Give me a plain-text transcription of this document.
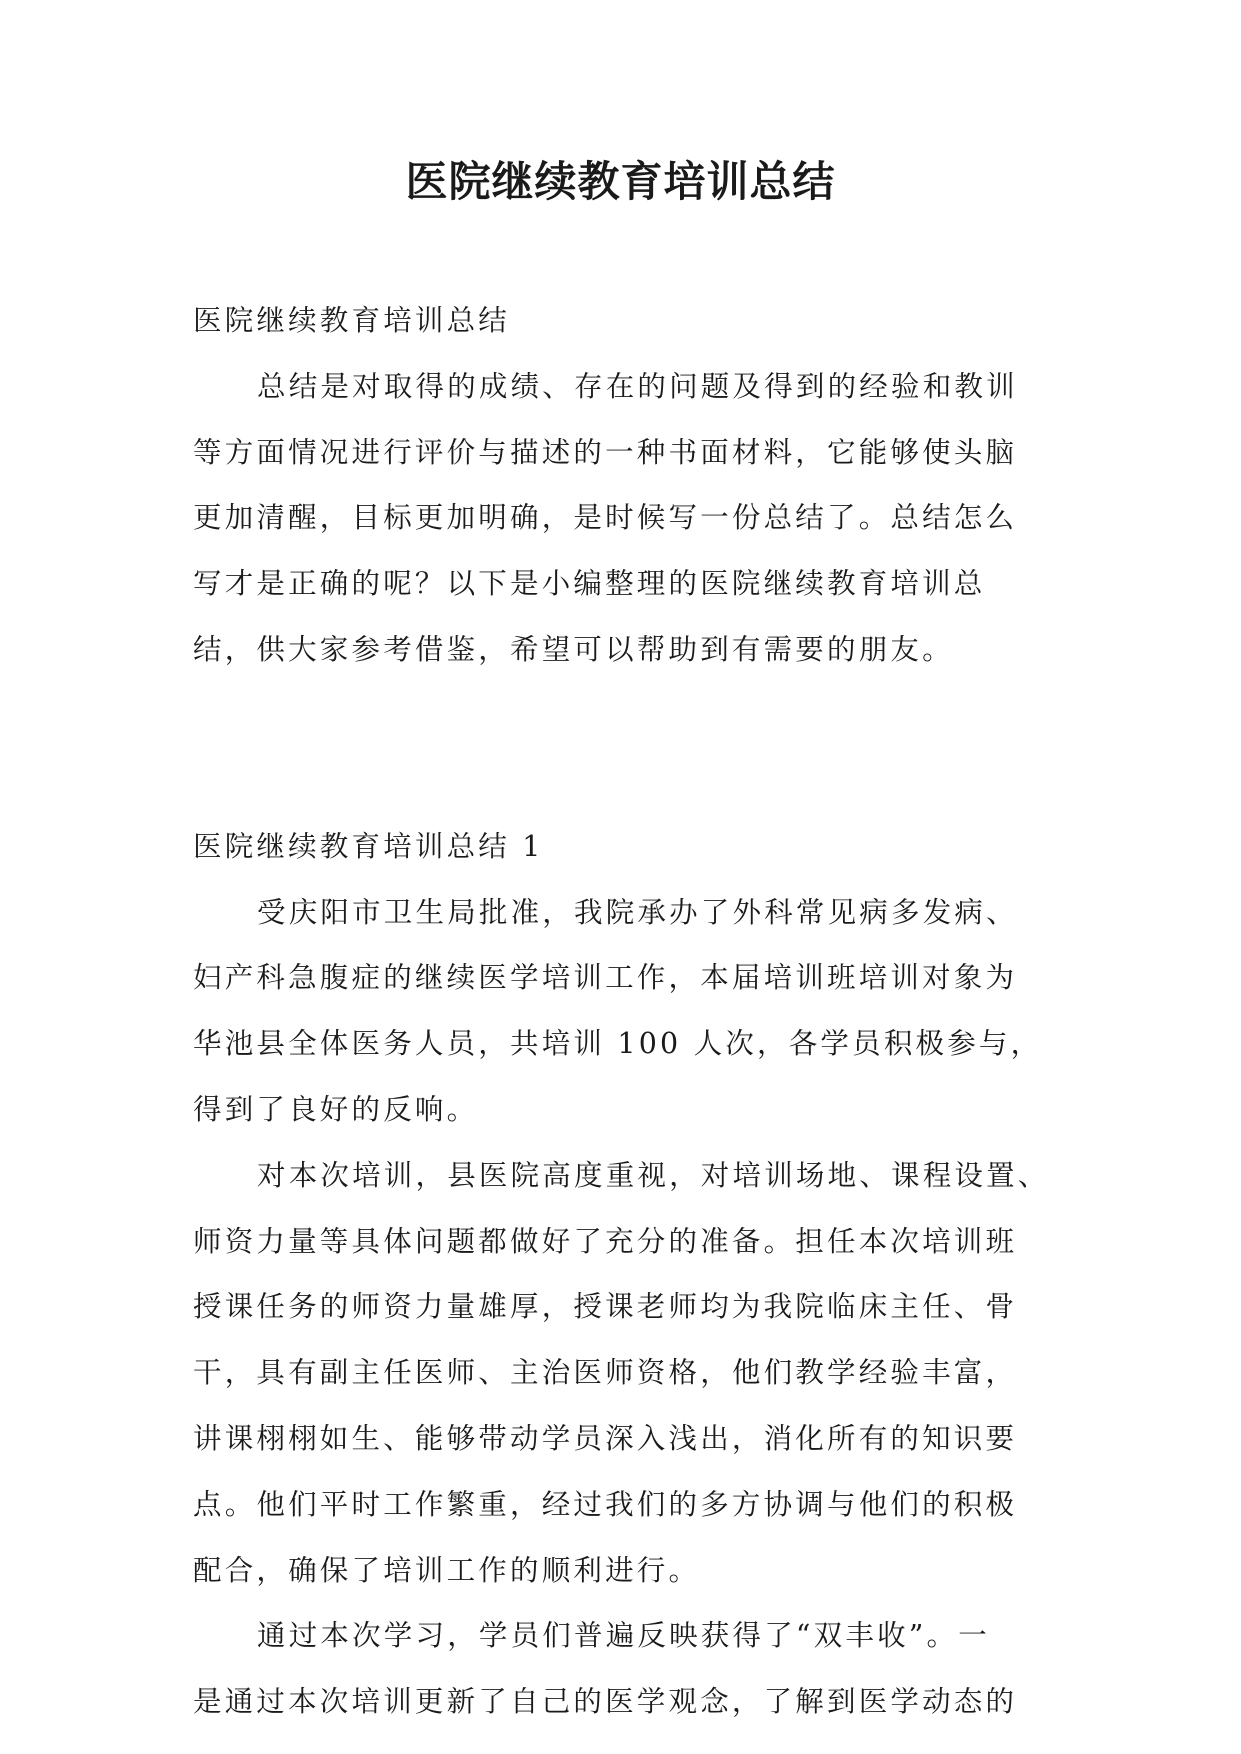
医院继续教育培训总结

医院继续教育培训总结

总结是对取得的成绩、存在的问题及得到的经验和教训

等方面情况进行评价与描述的一种书面材料，它能够使头脑

更加清醒，目标更加明确，是时候写一份总结了。总结怎么

写才是正确的呢？以下是小编整理的医院继续教育培训总

结，供大家参考借鉴，希望可以帮助到有需要的朋友。

医院继续教育培训总结 1

受庆阳市卫生局批准，我院承办了外科常见病多发病、

妇产科急腹症的继续医学培训工作，本届培训班培训对象为

华池县全体医务人员，共培训 100 人次，各学员积极参与，

得到了良好的反响。

对本次培训，县医院高度重视，对培训场地、课程设置、

师资力量等具体问题都做好了充分的准备。担任本次培训班

授课任务的师资力量雄厚，授课老师均为我院临床主任、骨

干，具有副主任医师、主治医师资格，他们教学经验丰富，

讲课栩栩如生、能够带动学员深入浅出，消化所有的知识要

点。他们平时工作繁重，经过我们的多方协调与他们的积极

配合，确保了培训工作的顺利进行。

通过本次学习，学员们普遍反映获得了“双丰收”。一

是通过本次培训更新了自己的医学观念，了解到医学动态的
